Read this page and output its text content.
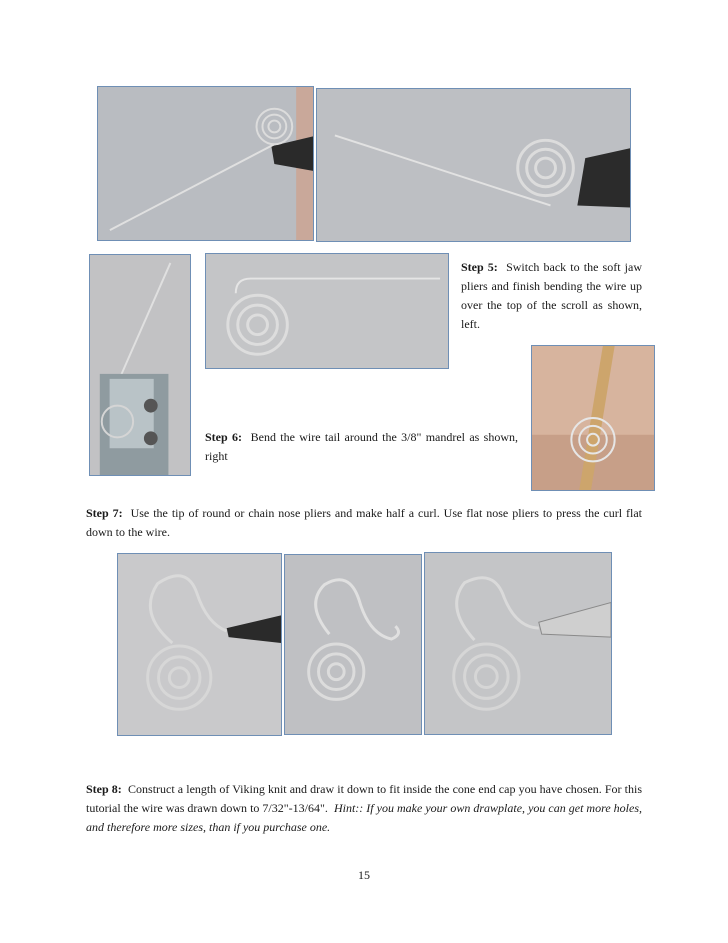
Step 5: Switch back to the soft jaw pliers and finish bending the wire up over the top of the scroll as shown, left.
Step 6: Bend the wire tail around the 3/8" mandrel as shown, right
Step 7: Use the tip of round or chain nose pliers and make half a curl. Use flat nose pliers to press the curl flat down to the wire.
Step 8: Construct a length of Viking knit and draw it down to fit inside the cone end cap you have chosen. For this tutorial the wire was drawn down to 7/32"-13/64". Hint:: If you make your own drawplate, you can get more holes, and therefore more sizes, than if you purchase one.
15
